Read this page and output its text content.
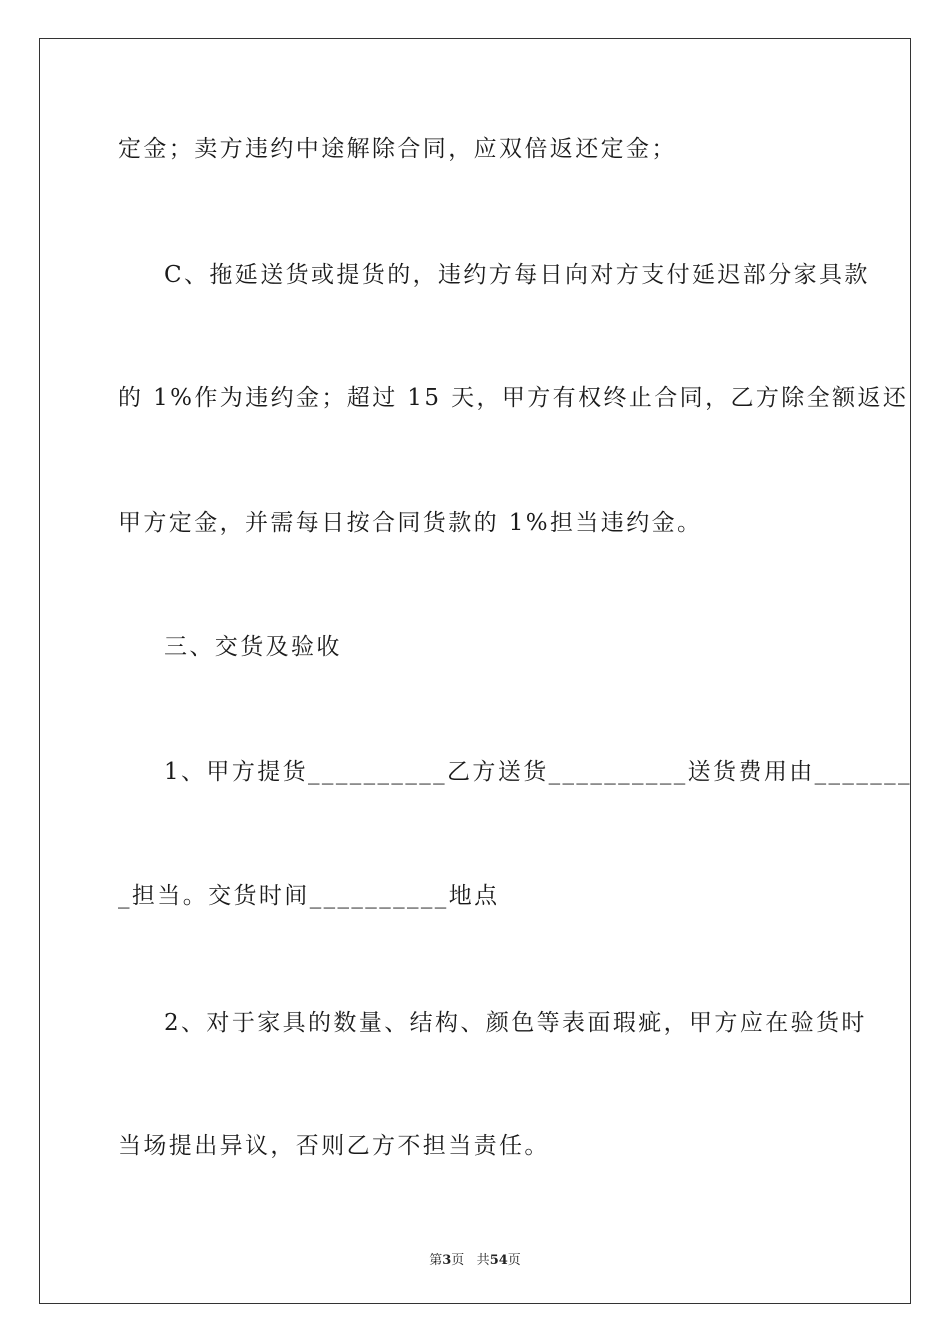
定金；卖方违约中途解除合同，应双倍返还定金；
C、拖延送货或提货的，违约方每日向对方支付延迟部分家具款
的 1%作为违约金；超过 15 天，甲方有权终止合同，乙方除全额返还
甲方定金，并需每日按合同货款的 1%担当违约金。
三、交货及验收
1、甲方提货__________乙方送货__________送货费用由_______
_担当。交货时间__________地点
2、对于家具的数量、结构、颜色等表面瑕疵，甲方应在验货时
当场提出异议，否则乙方不担当责任。
第3页 共54页
